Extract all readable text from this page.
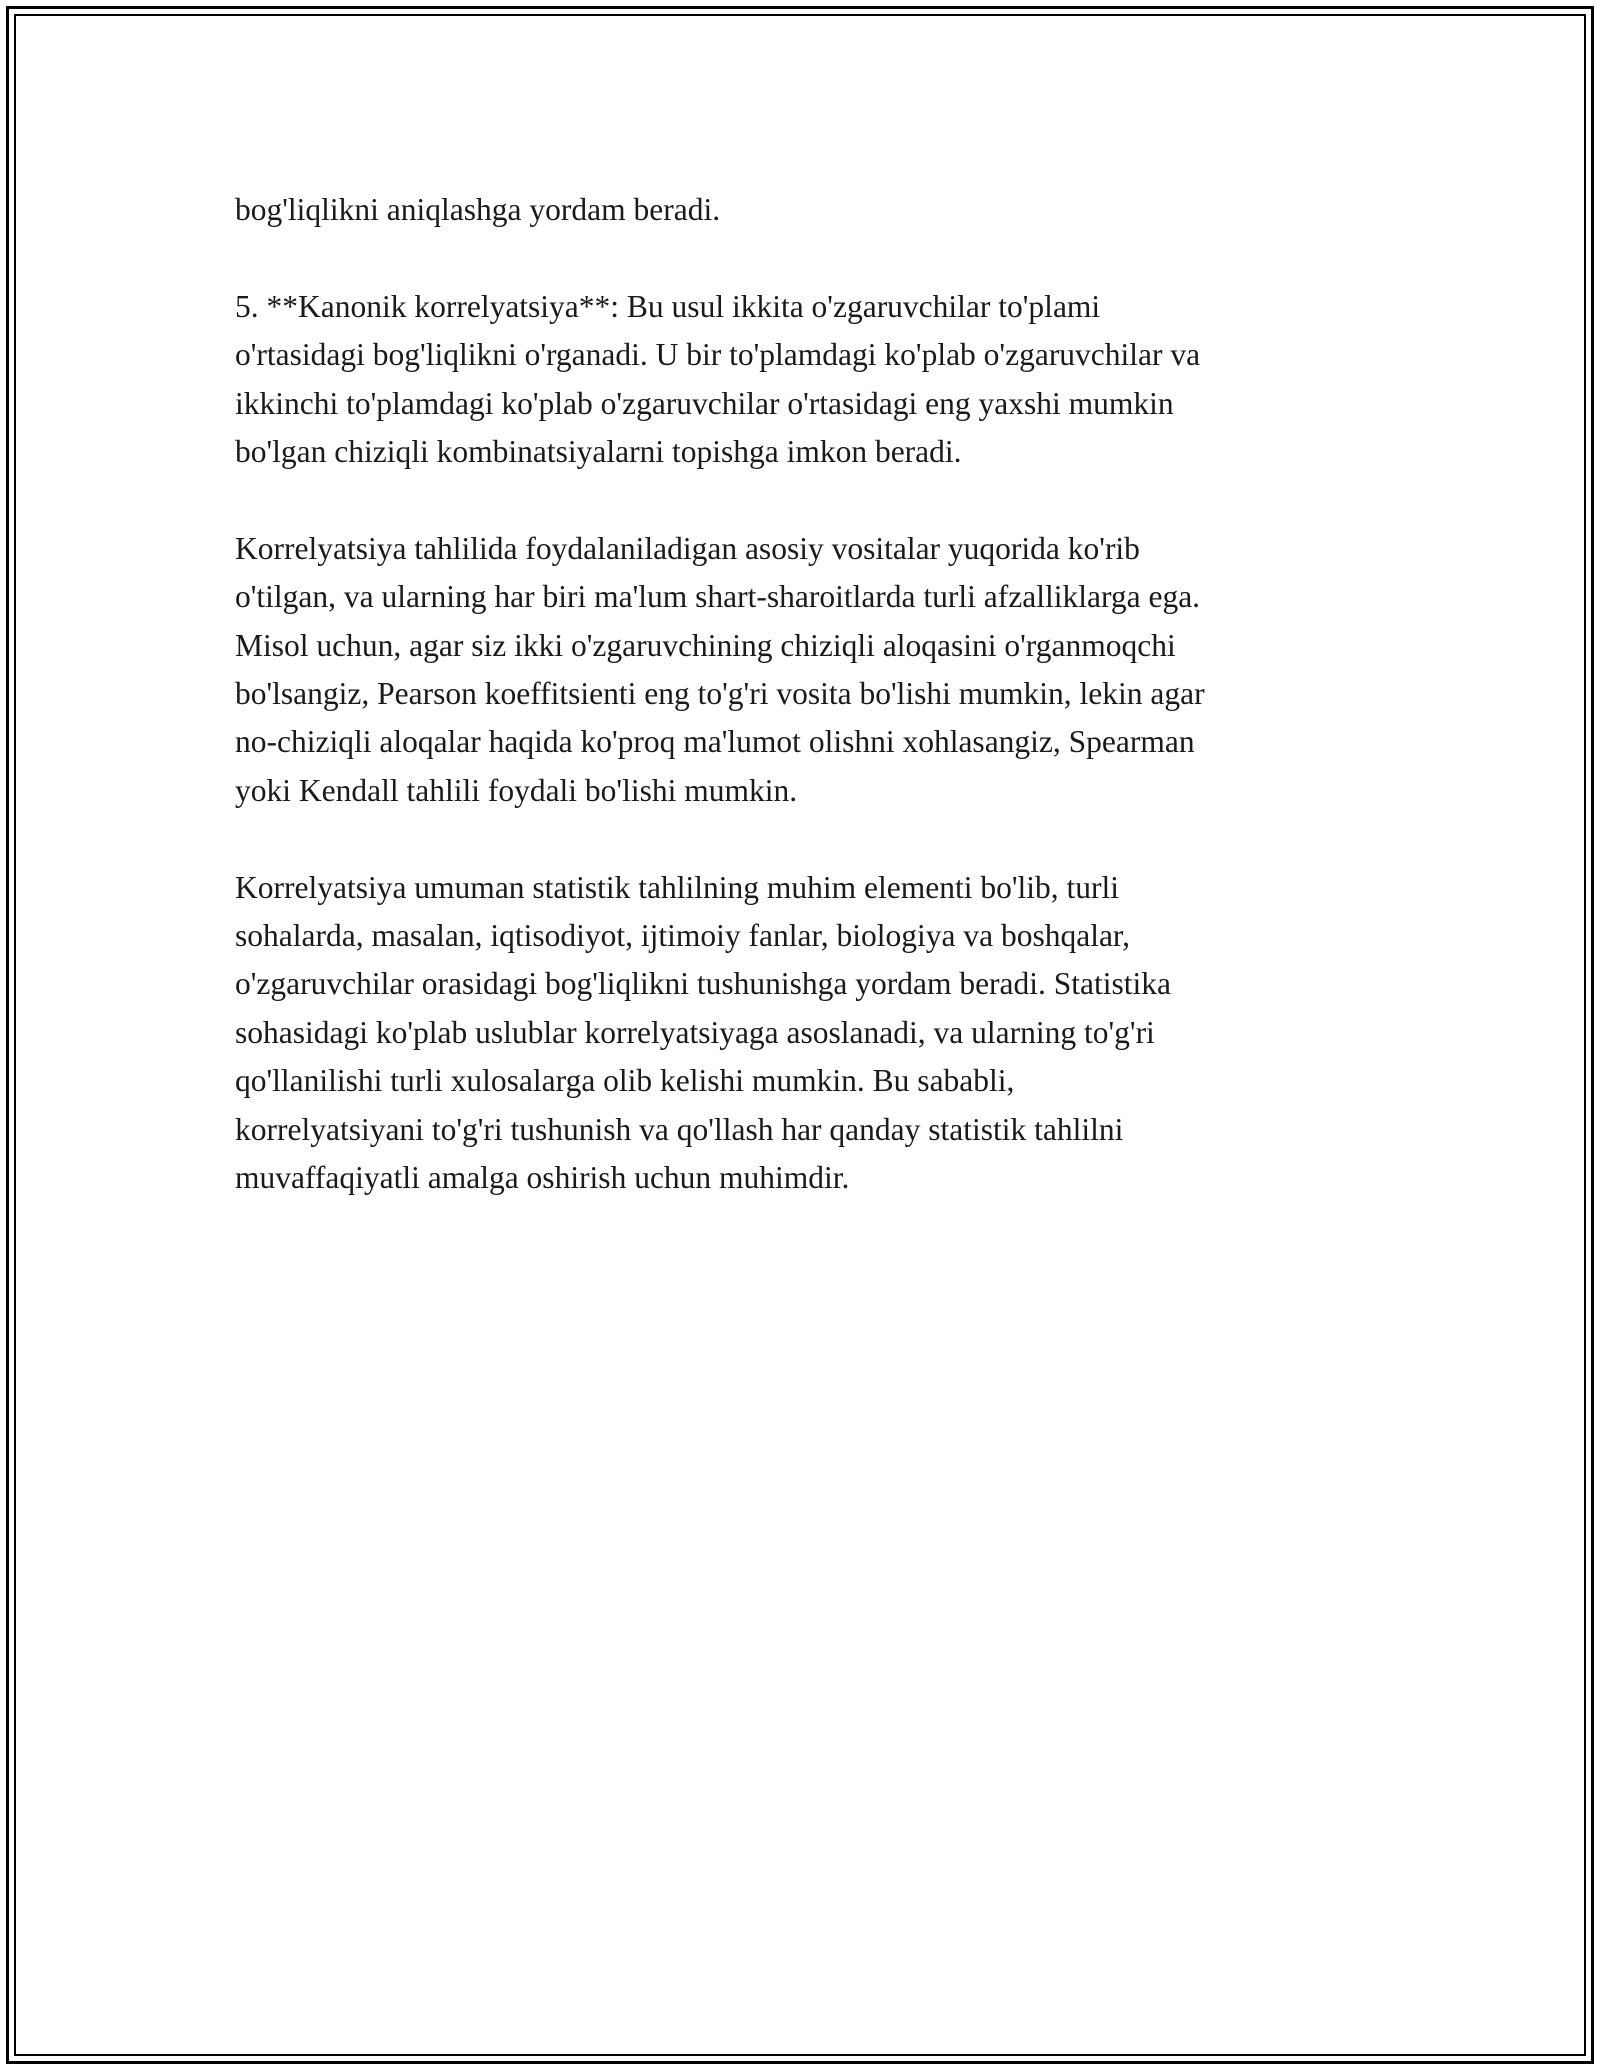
bog'liqlikni aniqlashga yordam beradi.

5. **Kanonik korrelyatsiya**: Bu usul ikkita o'zgaruvchilar to'plami
o'rtasidagi bog'liqlikni o'rganadi. U bir to'plamdagi ko'plab o'zgaruvchilar va
ikkinchi to'plamdagi ko'plab o'zgaruvchilar o'rtasidagi eng yaxshi mumkin
bo'lgan chiziqli kombinatsiyalarni topishga imkon beradi.

Korrelyatsiya tahlilida foydalaniladigan asosiy vositalar yuqorida ko'rib
o'tilgan, va ularning har biri ma'lum shart-sharoitlarda turli afzalliklarga ega.
Misol uchun, agar siz ikki o'zgaruvchining chiziqli aloqasini o'rganmoqchi
bo'lsangiz, Pearson koeffitsienti eng to'g'ri vosita bo'lishi mumkin, lekin agar
no-chiziqli aloqalar haqida ko'proq ma'lumot olishni xohlasangiz, Spearman
yoki Kendall tahlili foydali bo'lishi mumkin.

Korrelyatsiya umuman statistik tahlilning muhim elementi bo'lib, turli
sohalarda, masalan, iqtisodiyot, ijtimoiy fanlar, biologiya va boshqalar,
o'zgaruvchilar orasidagi bog'liqlikni tushunishga yordam beradi. Statistika
sohasidagi ko'plab uslublar korrelyatsiyaga asoslanadi, va ularning to'g'ri
qo'llanilishi turli xulosalarga olib kelishi mumkin. Bu sababli,
korrelyatsiyani to'g'ri tushunish va qo'llash har qanday statistik tahlilni
muvaffaqiyatli amalga oshirish uchun muhimdir.
